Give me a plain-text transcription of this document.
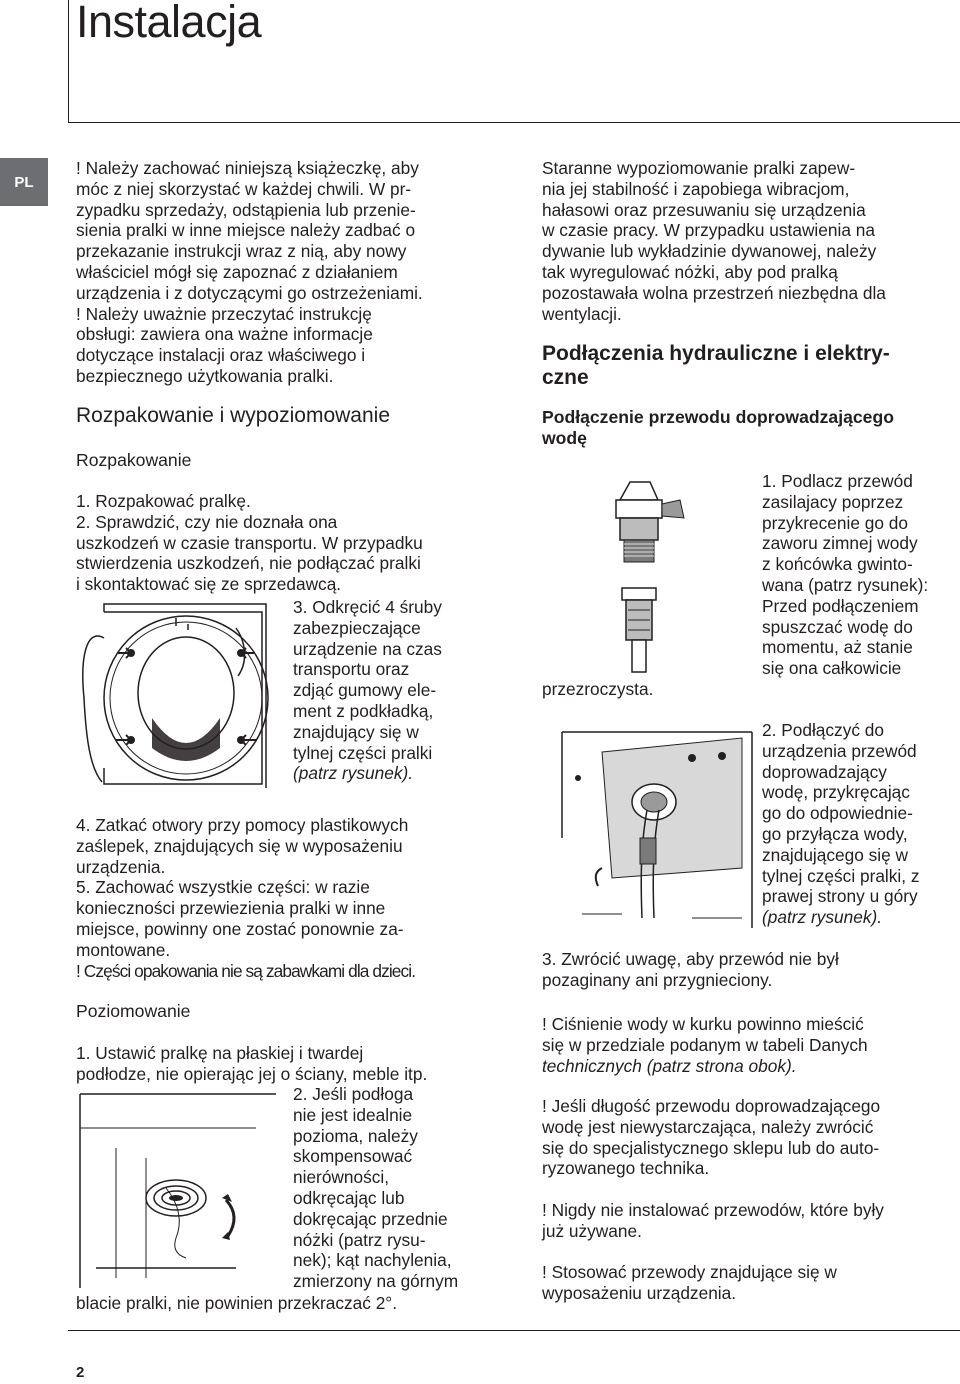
Instalacja
PL

! Należy zachować niniejszą książeczkę, aby

móc z niej skorzystać w każdej chwili. W pr-

zypadku sprzedaży, odstąpienia lub przenie-

sienia pralki w inne miejsce należy zadbać o

przekazanie instrukcji wraz z nią, aby nowy

właściciel mógł się zapoznać z działaniem

urządzenia i z dotyczącymi go ostrzeżeniami.

! Należy uważnie przeczytać instrukcję

obsługi: zawiera ona ważne informacje

dotyczące instalacji oraz właściwego i

bezpiecznego użytkowania pralki.

Rozpakowanie i wypoziomowanie
Rozpakowanie

1. Rozpakować pralkę.

2. Sprawdzić, czy nie doznała ona

uszkodzeń w czasie transportu. W przypadku

stwierdzenia uszkodzeń, nie podłączać pralki

i skontaktować się ze sprzedawcą.

3. Odkręcić 4 śruby

zabezpieczające

urządzenie na czas

transportu oraz

zdjąć gumowy ele-

ment z podkładką,

znajdujący się w

tylnej części pralki

(patrz rysunek).

4. Zatkać otwory przy pomocy plastikowych

zaślepek, znajdujących się w wyposażeniu

urządzenia.

5. Zachować wszystkie części: w razie

konieczności przewiezienia pralki w inne

miejsce, powinny one zostać ponownie za-

montowane.

! Części opakowania nie są zabawkami dla dzieci.

Poziomowanie

1. Ustawić pralkę na płaskiej i twardej

podłodze, nie opierając jej o ściany, meble itp.

2. Jeśli podłoga

nie jest idealnie

pozioma, należy

skompensować

nierówności,

odkręcając lub

dokręcając przednie

nóżki (patrz rysu-

nek); kąt nachylenia,

zmierzony na górnym

blacie pralki, nie powinien przekraczać 2°.

Staranne wypoziomowanie pralki zapew-

nia jej stabilność i zapobiega wibracjom,

hałasowi oraz przesuwaniu się urządzenia

w czasie pracy. W przypadku ustawienia na

dywanie lub wykładzinie dywanowej, należy

tak wyregulować nóżki, aby pod pralką

pozostawała wolna przestrzeń niezbędna dla

wentylacji.

Podłączenia hydrauliczne i elektry-
czne
Podłączenie przewodu doprowadzającego
wodę

1. Podlacz przewód

zasilajacy poprzez

przykrecenie go do

zaworu zimnej wody

z końcówka gwinto-

wana (patrz rysunek):

Przed podłączeniem

spuszczać wodę do

momentu, aż stanie

się ona całkowicie

przezroczysta.

2. Podłączyć do

urządzenia przewód

doprowadzający

wodę, przykręcając

go do odpowiednie-

go przyłącza wody,

znajdującego się w

tylnej części pralki, z

prawej strony u góry

(patrz rysunek).

3. Zwrócić uwagę, aby przewód nie był

pozaginany ani przygnieciony.

! Ciśnienie wody w kurku powinno mieścić

się w przedziale podanym w tabeli Danych

technicznych (patrz strona obok).

! Jeśli długość przewodu doprowadzającego

wodę jest niewystarczająca, należy zwrócić

się do specjalistycznego sklepu lub do auto-

ryzowanego technika.

! Nigdy nie instalować przewodów, które były

już używane.

! Stosować przewody znajdujące się w

wyposażeniu urządzenia.

2
